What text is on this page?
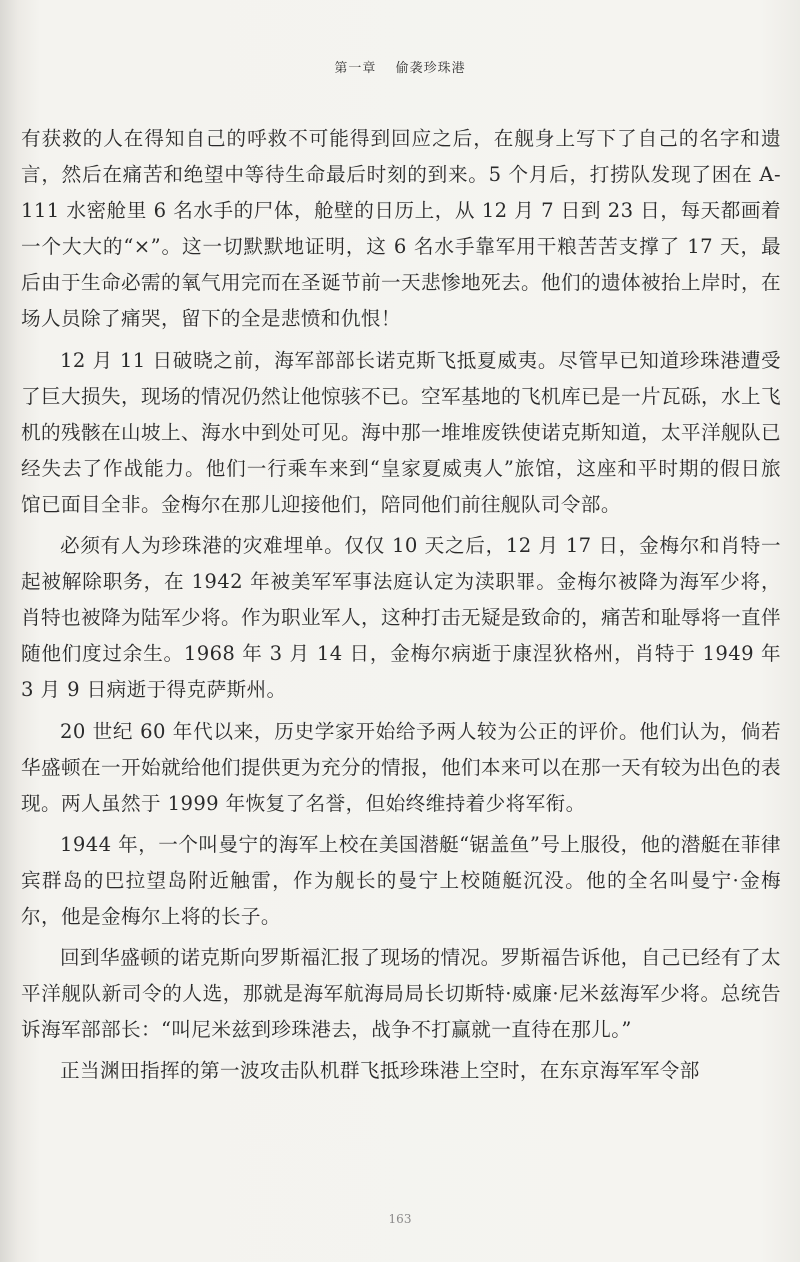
第一章 偷袭珍珠港

有获救的人在得知自己的呼救不可能得到回应之后，在舰身上写下了自己的名字和遗言，然后在痛苦和绝望中等待生命最后时刻的到来。5 个月后，打捞队发现了困在 A-111 水密舱里 6 名水手的尸体，舱壁的日历上，从 12 月 7 日到 23 日，每天都画着一个大大的“×”。这一切默默地证明，这 6 名水手靠军用干粮苦苦支撑了 17 天，最后由于生命必需的氧气用完而在圣诞节前一天悲惨地死去。他们的遗体被抬上岸时，在场人员除了痛哭，留下的全是悲愤和仇恨！

12 月 11 日破晓之前，海军部部长诺克斯飞抵夏威夷。尽管早已知道珍珠港遭受了巨大损失，现场的情况仍然让他惊骇不已。空军基地的飞机库已是一片瓦砾，水上飞机的残骸在山坡上、海水中到处可见。海中那一堆堆废铁使诺克斯知道，太平洋舰队已经失去了作战能力。他们一行乘车来到“皇家夏威夷人”旅馆，这座和平时期的假日旅馆已面目全非。金梅尔在那儿迎接他们，陪同他们前往舰队司令部。

必须有人为珍珠港的灾难埋单。仅仅 10 天之后，12 月 17 日，金梅尔和肖特一起被解除职务，在 1942 年被美军军事法庭认定为渎职罪。金梅尔被降为海军少将，肖特也被降为陆军少将。作为职业军人，这种打击无疑是致命的，痛苦和耻辱将一直伴随他们度过余生。1968 年 3 月 14 日，金梅尔病逝于康涅狄格州，肖特于 1949 年 3 月 9 日病逝于得克萨斯州。

20 世纪 60 年代以来，历史学家开始给予两人较为公正的评价。他们认为，倘若华盛顿在一开始就给他们提供更为充分的情报，他们本来可以在那一天有较为出色的表现。两人虽然于 1999 年恢复了名誉，但始终维持着少将军衔。

1944 年，一个叫曼宁的海军上校在美国潜艇“锯盖鱼”号上服役，他的潜艇在菲律宾群岛的巴拉望岛附近触雷，作为舰长的曼宁上校随艇沉没。他的全名叫曼宁·金梅尔，他是金梅尔上将的长子。

回到华盛顿的诺克斯向罗斯福汇报了现场的情况。罗斯福告诉他，自己已经有了太平洋舰队新司令的人选，那就是海军航海局局长切斯特·威廉·尼米兹海军少将。总统告诉海军部部长：“叫尼米兹到珍珠港去，战争不打赢就一直待在那儿。”

正当渊田指挥的第一波攻击队机群飞抵珍珠港上空时，在东京海军军令部

163
